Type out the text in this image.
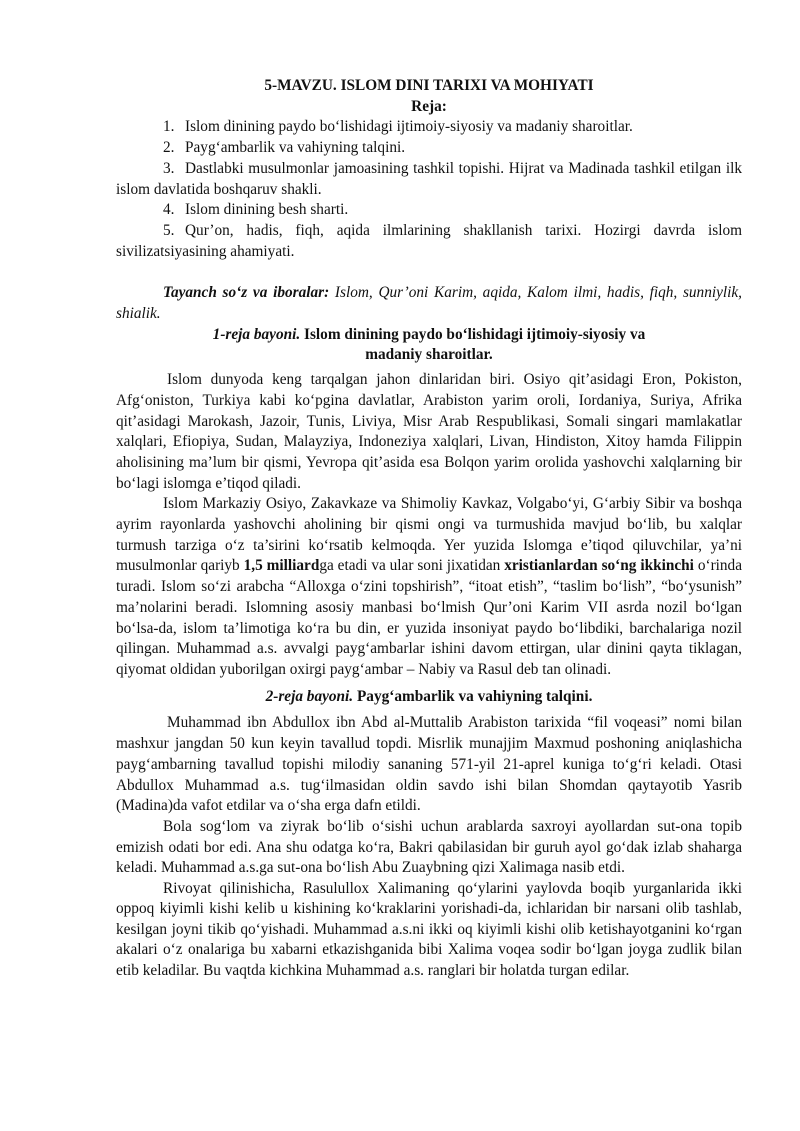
5-MAVZU. ISLOM DINI TARIXI VA MOHIYATI
Reja:
1. Islom dinining paydo bo‘lishidagi ijtimoiy-siyosiy va madaniy sharoitlar.
2. Payg‘ambarlik va vahiyning talqini.
3. Dastlabki musulmonlar jamoasining tashkil topishi. Hijrat va Madinada tashkil etilgan ilk islom davlatida boshqaruv shakli.
4. Islom dinining besh sharti.
5. Qur’on, hadis, fiqh, aqida ilmlarining shakllanish tarixi. Hozirgi davrda islom sivilizatsiyasining ahamiyati.
Tayanch so‘z va iboralar: Islom, Qur’oni Karim, aqida, Kalom ilmi, hadis, fiqh, sunniylik, shialik.
1-reja bayoni. Islom dinining paydo bo‘lishidagi ijtimoiy-siyosiy va
madaniy sharoitlar.

Islom dunyoda keng tarqalgan jahon dinlaridan biri. Osiyo qit’asidagi Eron, Pokiston, Afg‘oniston, Turkiya kabi ko‘pgina davlatlar, Arabiston yarim oroli, Iordaniya, Suriya, Afrika qit’asidagi Marokash, Jazoir, Tunis, Liviya, Misr Arab Respublikasi, Somali singari mamlakatlar xalqlari, Efiopiya, Sudan, Malayziya, Indoneziya xalqlari, Livan, Hindiston, Xitoy hamda Filippin aholisining ma’lum bir qismi, Yevropa qit’asida esa Bolqon yarim orolida yashovchi xalqlarning bir bo‘lagi islomga e’tiqod qiladi.

Islom Markaziy Osiyo, Zakavkaze va Shimoliy Kavkaz, Volgabo‘yi, G‘arbiy Sibir va boshqa ayrim rayonlarda yashovchi aholining bir qismi ongi va turmushida mavjud bo‘lib, bu xalqlar turmush tarziga o‘z ta’sirini ko‘rsatib kelmoqda. Yer yuzida Islomga e’tiqod qiluvchilar, ya’ni musulmonlar qariyb 1,5 milliardga etadi va ular soni jixatidan xristianlardan so‘ng ikkinchi o‘rinda turadi. Islom so‘zi arabcha “Alloxga o‘zini topshirish”, “itoat etish”, “taslim bo‘lish”, “bo‘ysunish” ma’nolarini beradi. Islomning asosiy manbasi bo‘lmish Qur’oni Karim VII asrda nozil bo‘lgan bo‘lsa-da, islom ta’limotiga ko‘ra bu din, er yuzida insoniyat paydo bo‘libdiki, barchalariga nozil qilingan. Muhammad a.s. avvalgi payg‘ambarlar ishini davom ettirgan, ular dinini qayta tiklagan, qiyomat oldidan yuborilgan oxirgi payg‘ambar – Nabiy va Rasul deb tan olinadi.

2-reja bayoni. Payg‘ambarlik va vahiyning talqini.

Muhammad ibn Abdullox ibn Abd al-Muttalib Arabiston tarixida “fil voqeasi” nomi bilan mashxur jangdan 50 kun keyin tavallud topdi. Misrlik munajjim Maxmud poshoning aniqlashicha payg‘ambarning tavallud topishi milodiy sananing 571-yil 21-aprel kuniga to‘g‘ri keladi. Otasi Abdullox Muhammad a.s. tug‘ilmasidan oldin savdo ishi bilan Shomdan qaytayotib Yasrib (Madina)da vafot etdilar va o‘sha erga dafn etildi.

Bola sog‘lom va ziyrak bo‘lib o‘sishi uchun arablarda saxroyi ayollardan sut-ona topib emizish odati bor edi. Ana shu odatga ko‘ra, Bakri qabilasidan bir guruh ayol go‘dak izlab shaharga keladi. Muhammad a.s.ga sut-ona bo‘lish Abu Zuaybning qizi Xalimaga nasib etdi.

Rivoyat qilinishicha, Rasulullox Xalimaning qo‘ylarini yaylovda boqib yurganlarida ikki oppoq kiyimli kishi kelib u kishining ko‘kraklarini yorishadi-da, ichlaridan bir narsani olib tashlab, kesilgan joyni tikib qo‘yishadi. Muhammad a.s.ni ikki oq kiyimli kishi olib ketishayotganini ko‘rgan akalari o‘z onalariga bu xabarni etkazishganida bibi Xalima voqea sodir bo‘lgan joyga zudlik bilan etib keladilar. Bu vaqtda kichkina Muhammad a.s. ranglari bir holatda turgan edilar.
